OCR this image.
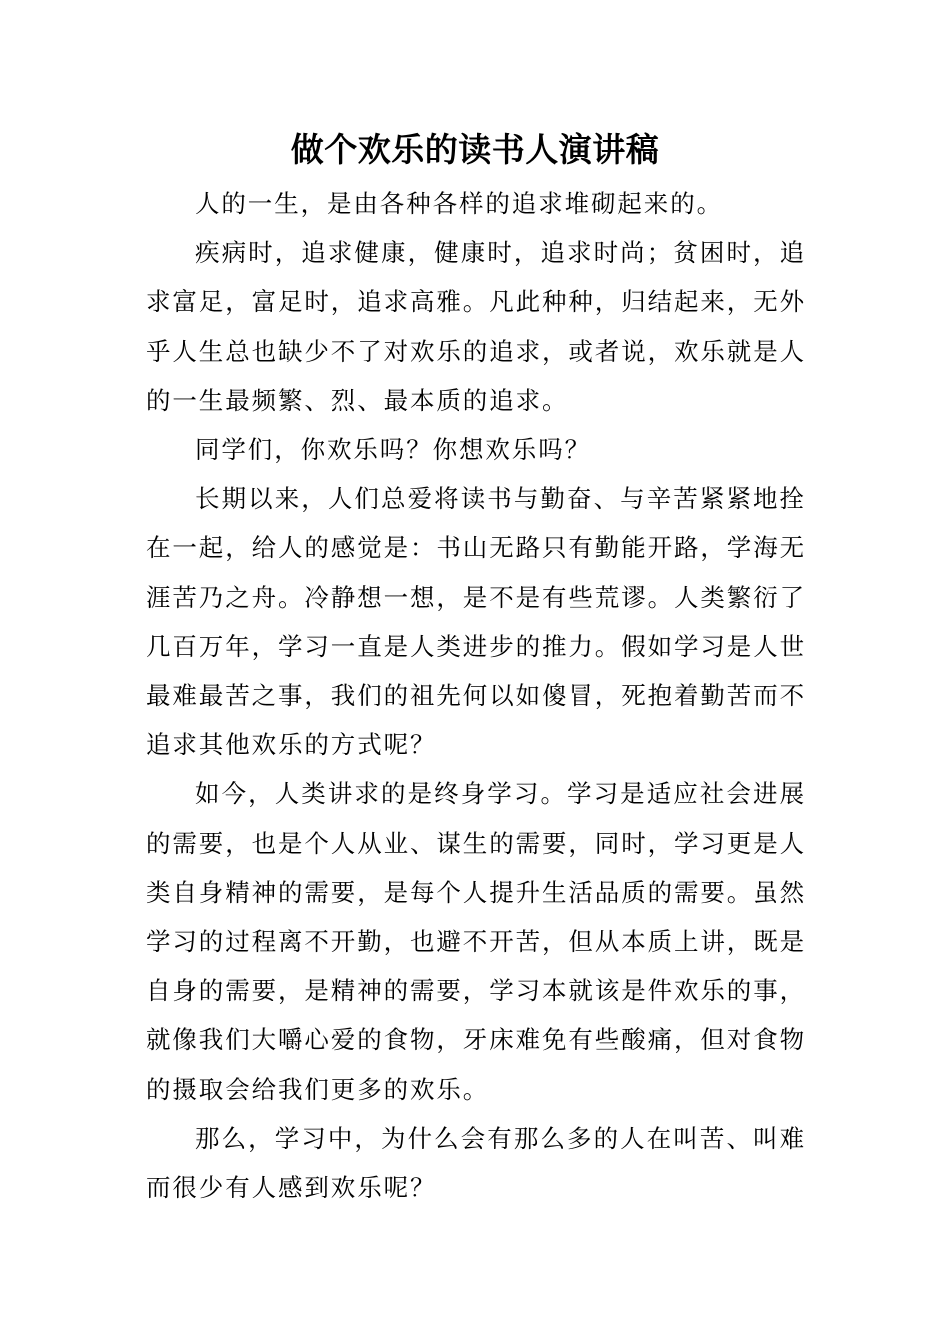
做个欢乐的读书人演讲稿

人的一生，是由各种各样的追求堆砌起来的。

疾病时，追求健康，健康时，追求时尚；贫困时，追求富足，富足时，追求高雅。凡此种种，归结起来，无外乎人生总也缺少不了对欢乐的追求，或者说，欢乐就是人的一生最频繁、烈、最本质的追求。

同学们，你欢乐吗？你想欢乐吗？

长期以来，人们总爱将读书与勤奋、与辛苦紧紧地拴在一起，给人的感觉是：书山无路只有勤能开路，学海无涯苦乃之舟。冷静想一想，是不是有些荒谬。人类繁衍了几百万年，学习一直是人类进步的推力。假如学习是人世最难最苦之事，我们的祖先何以如傻冒，死抱着勤苦而不追求其他欢乐的方式呢？

如今，人类讲求的是终身学习。学习是适应社会进展的需要，也是个人从业、谋生的需要，同时，学习更是人类自身精神的需要，是每个人提升生活品质的需要。虽然学习的过程离不开勤，也避不开苦，但从本质上讲，既是自身的需要，是精神的需要，学习本就该是件欢乐的事，就像我们大嚼心爱的食物，牙床难免有些酸痛，但对食物的摄取会给我们更多的欢乐。

那么，学习中，为什么会有那么多的人在叫苦、叫难而很少有人感到欢乐呢？
